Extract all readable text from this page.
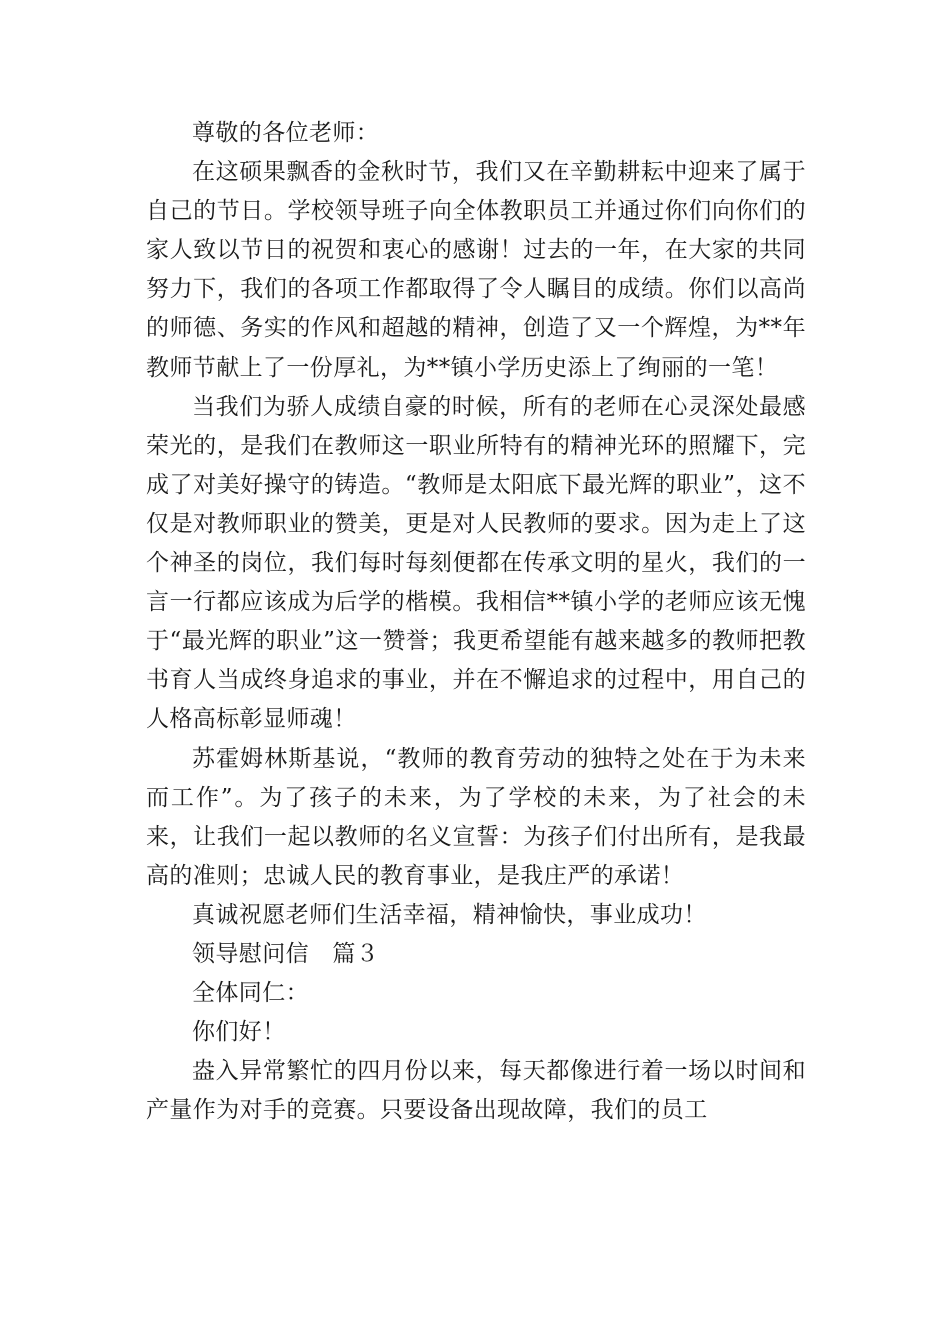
尊敬的各位老师：

在这硕果飘香的金秋时节，我们又在辛勤耕耘中迎来了属于自己的节日。学校领导班子向全体教职员工并通过你们向你们的家人致以节日的祝贺和衷心的感谢！过去的一年，在大家的共同努力下，我们的各项工作都取得了令人瞩目的成绩。你们以高尚的师德、务实的作风和超越的精神，创造了又一个辉煌，为**年教师节献上了一份厚礼，为**镇小学历史添上了绚丽的一笔！

当我们为骄人成绩自豪的时候，所有的老师在心灵深处最感荣光的，是我们在教师这一职业所特有的精神光环的照耀下，完成了对美好操守的铸造。“教师是太阳底下最光辉的职业”，这不仅是对教师职业的赞美，更是对人民教师的要求。因为走上了这个神圣的岗位，我们每时每刻便都在传承文明的星火，我们的一言一行都应该成为后学的楷模。我相信**镇小学的老师应该无愧于“最光辉的职业”这一赞誉；我更希望能有越来越多的教师把教书育人当成终身追求的事业，并在不懈追求的过程中，用自己的人格高标彰显师魂！

苏霍姆林斯基说，“教师的教育劳动的独特之处在于为未来而工作”。为了孩子的未来，为了学校的未来，为了社会的未来，让我们一起以教师的名义宣誓：为孩子们付出所有，是我最高的准则；忠诚人民的教育事业，是我庄严的承诺！

真诚祝愿老师们生活幸福，精神愉快，事业成功！

领导慰问信　篇３

全体同仁：

你们好！

盎入异常繁忙的四月份以来，每天都像进行着一场以时间和产量作为对手的竞赛。只要设备出现故障，我们的员工
